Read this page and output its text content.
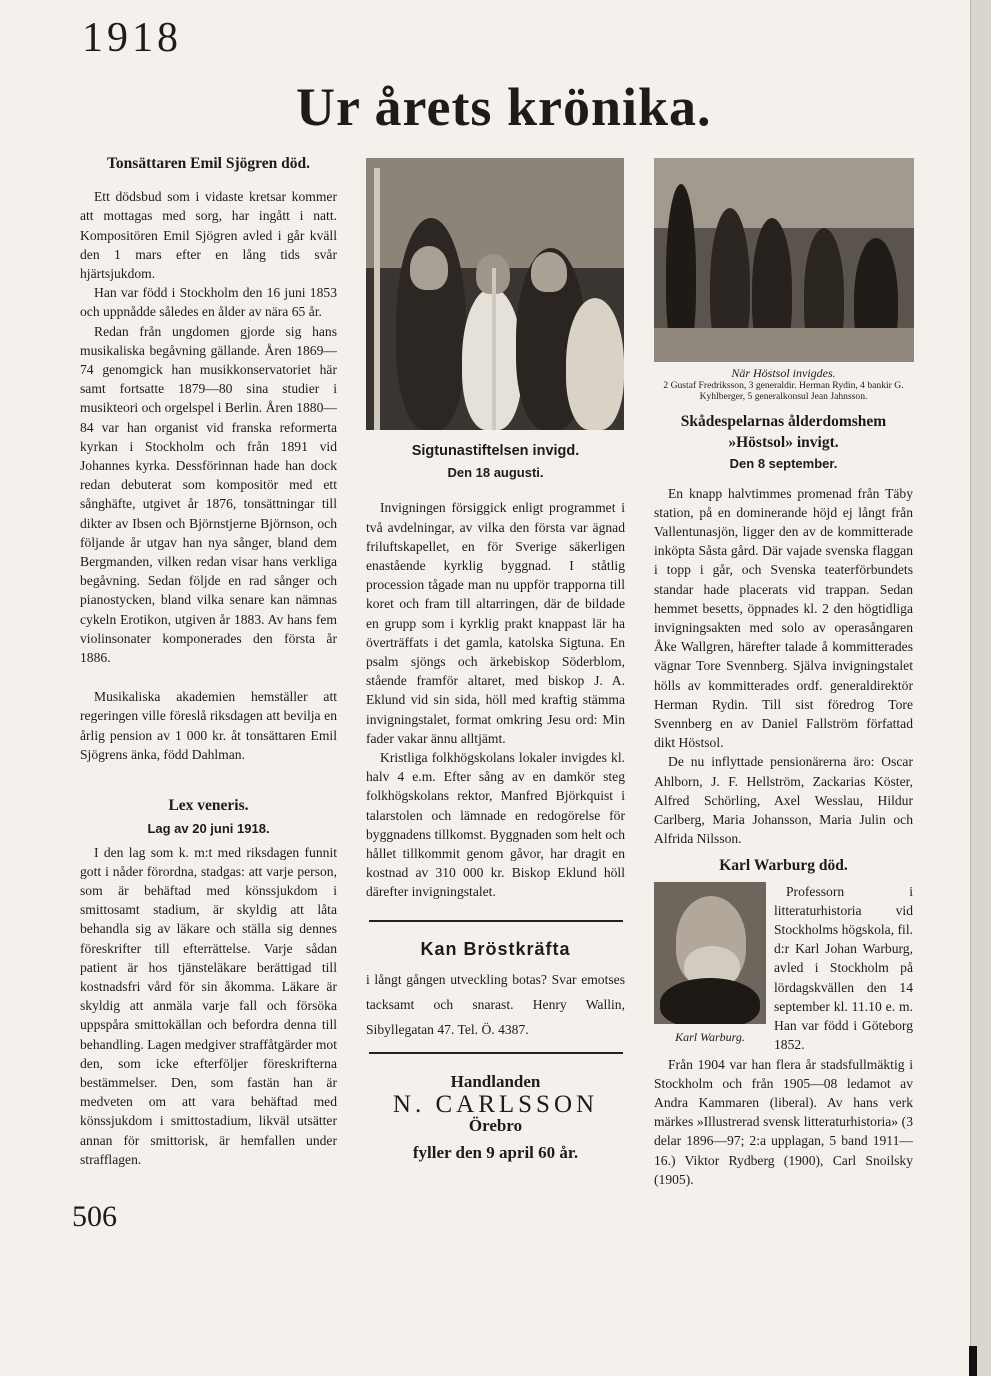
1918
Ur årets krönika.
Tonsättaren Emil Sjögren död.

Ett dödsbud som i vidaste kretsar kommer att mottagas med sorg, har ingått i natt. Kompositören Emil Sjögren avled i går kväll den 1 mars efter en lång tids svår hjärtsjukdom.

Han var född i Stockholm den 16 juni 1853 och uppnådde således en ålder av nära 65 år.

Redan från ungdomen gjorde sig hans musikaliska begåvning gällande. Åren 1869—74 genomgick han musikkonservatoriet här samt fortsatte 1879—80 sina studier i musikteori och orgelspel i Berlin. Åren 1880—84 var han organist vid franska reformerta kyrkan i Stockholm och från 1891 vid Johannes kyrka. Dessförinnan hade han dock redan debuterat som kompositör med ett sånghäfte, utgivet år 1876, tonsättningar till dikter av Ibsen och Björnstjerne Björnson, och följande år utgav han nya sånger, bland dem Bergmanden, vilken redan visar hans verkliga begåvning. Sedan följde en rad sånger och pianostycken, bland vilka senare kan nämnas cykeln Erotikon, utgiven år 1883. Av hans fem violinsonater komponerades den första år 1886.

Musikaliska akademien hemställer att regeringen ville föreslå riksdagen att bevilja en årlig pension av 1 000 kr. åt tonsättaren Emil Sjögrens änka, född Dahlman.

Lex veneris.
Lag av 20 juni 1918.

I den lag som k. m:t med riksdagen funnit gott i nåder förordna, stadgas: att varje person, som är behäftad med könssjukdom i smittosamt stadium, är skyldig att låta behandla sig av läkare och ställa sig dennes föreskrifter till efterrättelse. Varje sådan patient är hos tjänsteläkare berättigad till kostnadsfri vård för sin åkomma. Läkare är skyldig att anmäla varje fall och försöka uppspåra smittokällan och befordra denna till behandling. Lagen medgiver straffåtgärder mot den, som icke efterföljer föreskrifterna bestämmelser. Den, som fastän han är medveten om att vara behäftad med könssjukdom i smittostadium, likväl utsätter annan för smittorisk, är hemfallen under strafflagen.

Sigtunastiftelsen invigd.
Den 18 augusti.

Invigningen försiggick enligt programmet i två avdelningar, av vilka den första var ägnad friluftskapellet, en för Sverige säkerligen enastående kyrklig byggnad. I ståtlig procession tågade man nu uppför trapporna till koret och fram till altarringen, där de bildade en grupp som i kyrklig prakt knappast lär ha överträffats i det gamla, katolska Sigtuna. En psalm sjöngs och ärkebiskop Söderblom, stående framför altaret, med biskop J. A. Eklund vid sin sida, höll med kraftig stämma invigningstalet, format omkring Jesu ord: Min fader vakar ännu alltjämt.

Kristliga folkhögskolans lokaler invigdes kl. halv 4 e.m. Efter sång av en damkör steg folkhögskolans rektor, Manfred Björkquist i talarstolen och lämnade en redogörelse för byggnadens tillkomst. Byggnaden som helt och hållet tillkommit genom gåvor, har dragit en kostnad av 310 000 kr. Biskop Eklund höll därefter invigningstalet.

Kan Bröstkräfta

i långt gången utveckling botas? Svar emotses tacksamt och snarast. Henry Wallin, Sibyllegatan 47. Tel. Ö. 4387.

Handlanden
N. CARLSSON
Örebro
fyller den 9 april 60 år.
När Höstsol invigdes.
2 Gustaf Fredriksson, 3 generaldir. Herman Rydin, 4 bankir G. Kyhlberger, 5 generalkonsul Jean Jahnsson.
Skådespelarnas ålderdomshem
»Höstsol» invigt.
Den 8 september.

En knapp halvtimmes promenad från Täby station, på en dominerande höjd ej långt från Vallentunasjön, ligger den av de kommitterade inköpta Såsta gård. Där vajade svenska flaggan i topp i går, och Svenska teaterförbundets standar hade placerats vid trappan. Sedan hemmet besetts, öppnades kl. 2 den högtidliga invigningsakten med solo av operasångaren Åke Wallgren, härefter talade å kommitterades vägnar Tore Svennberg. Själva invigningstalet hölls av kommitterades ordf. generaldirektör Herman Rydin. Till sist föredrog Tore Svennberg en av Daniel Fallström författad dikt Höstsol.

De nu inflyttade pensionärerna äro: Oscar Ahlborn, J. F. Hellström, Zackarias Köster, Alfred Schörling, Axel Wesslau, Hildur Carlberg, Maria Johansson, Maria Julin och Alfrida Nilsson.

Karl Warburg död.
Karl Warburg.

Professorn i litteraturhistoria vid Stockholms högskola, fil. d:r Karl Johan Warburg, avled i Stockholm på lördagskvällen den 14 september kl. 11.10 e. m. Han var född i Göteborg 1852.

Från 1904 var han flera år stadsfullmäktig i Stockholm och från 1905—08 ledamot av Andra Kammaren (liberal). Av hans verk märkes »Illustrerad svensk litteraturhistoria» (3 delar 1896—97; 2:a upplagan, 5 band 1911—16.) Viktor Rydberg (1900), Carl Snoilsky (1905).

506
